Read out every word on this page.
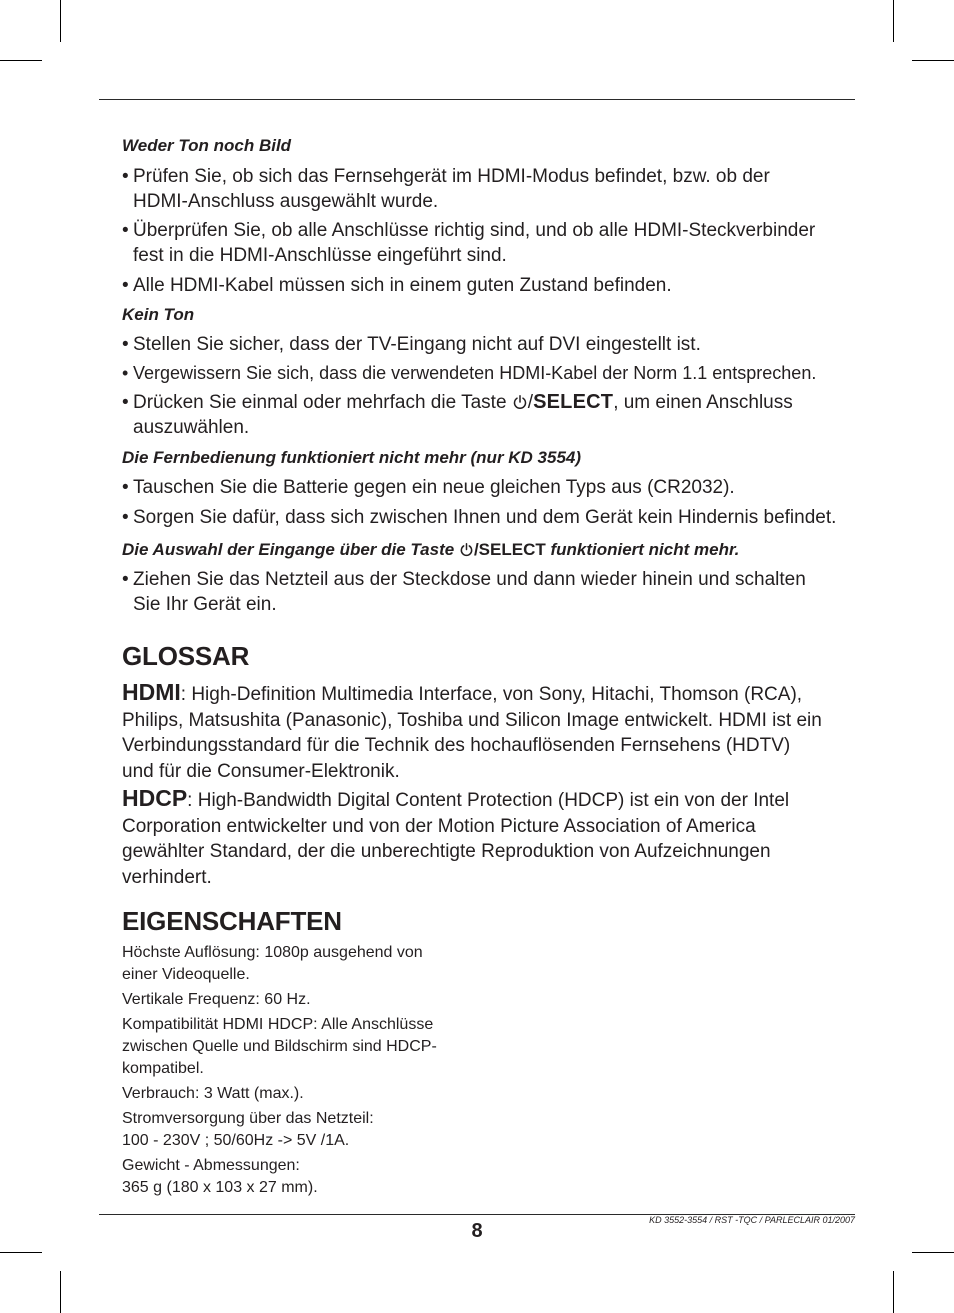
Weder Ton noch Bild
• Prüfen Sie, ob sich das Fernsehgerät im HDMI-Modus befindet, bzw. ob der
HDMI-Anschluss ausgewählt wurde.
• Überprüfen Sie, ob alle Anschlüsse richtig sind, und ob alle HDMI-Steckverbinder
fest in die HDMI-Anschlüsse eingeführt sind.
• Alle HDMI-Kabel müssen sich in einem guten Zustand befinden.
Kein Ton
• Stellen Sie sicher, dass der TV-Eingang nicht auf DVI eingestellt ist.
• Vergewissern Sie sich, dass die verwendeten HDMI-Kabel der Norm 1.1 entsprechen.
• Drücken Sie einmal oder mehrfach die Taste /SELECT, um einen Anschluss
auszuwählen.
Die Fernbedienung funktioniert nicht mehr (nur KD 3554)
• Tauschen Sie die Batterie gegen ein neue gleichen Typs aus (CR2032).
• Sorgen Sie dafür, dass sich zwischen Ihnen und dem Gerät kein Hindernis befindet.
Die Auswahl der Eingange über die Taste /SELECT funktioniert nicht mehr.
• Ziehen Sie das Netzteil aus der Steckdose und dann wieder hinein und schalten
Sie Ihr Gerät ein.
GLOSSAR
HDMI: High-Definition Multimedia Interface, von Sony, Hitachi, Thomson (RCA),
Philips, Matsushita (Panasonic), Toshiba und Silicon Image entwickelt. HDMI ist ein
Verbindungsstandard für die Technik des hochauflösenden Fernsehens (HDTV)
und für die Consumer-Elektronik.
HDCP: High-Bandwidth Digital Content Protection (HDCP) ist ein von der Intel
Corporation entwickelter und von der Motion Picture Association of America
gewählter Standard, der die unberechtigte Reproduktion von Aufzeichnungen
verhindert.
EIGENSCHAFTEN
Höchste Auflösung: 1080p ausgehend von
einer Videoquelle.
Vertikale Frequenz: 60 Hz.
Kompatibilität HDMI HDCP: Alle Anschlüsse
zwischen Quelle und Bildschirm sind HDCP-
kompatibel.
Verbrauch: 3 Watt (max.).
Stromversorgung über das Netzteil:
100 - 230V ; 50/60Hz -> 5V /1A.
Gewicht - Abmessungen:
365 g (180 x 103 x 27 mm).
KD 3552-3554 / RST -TQC / PARLECLAIR 01/2007
8
